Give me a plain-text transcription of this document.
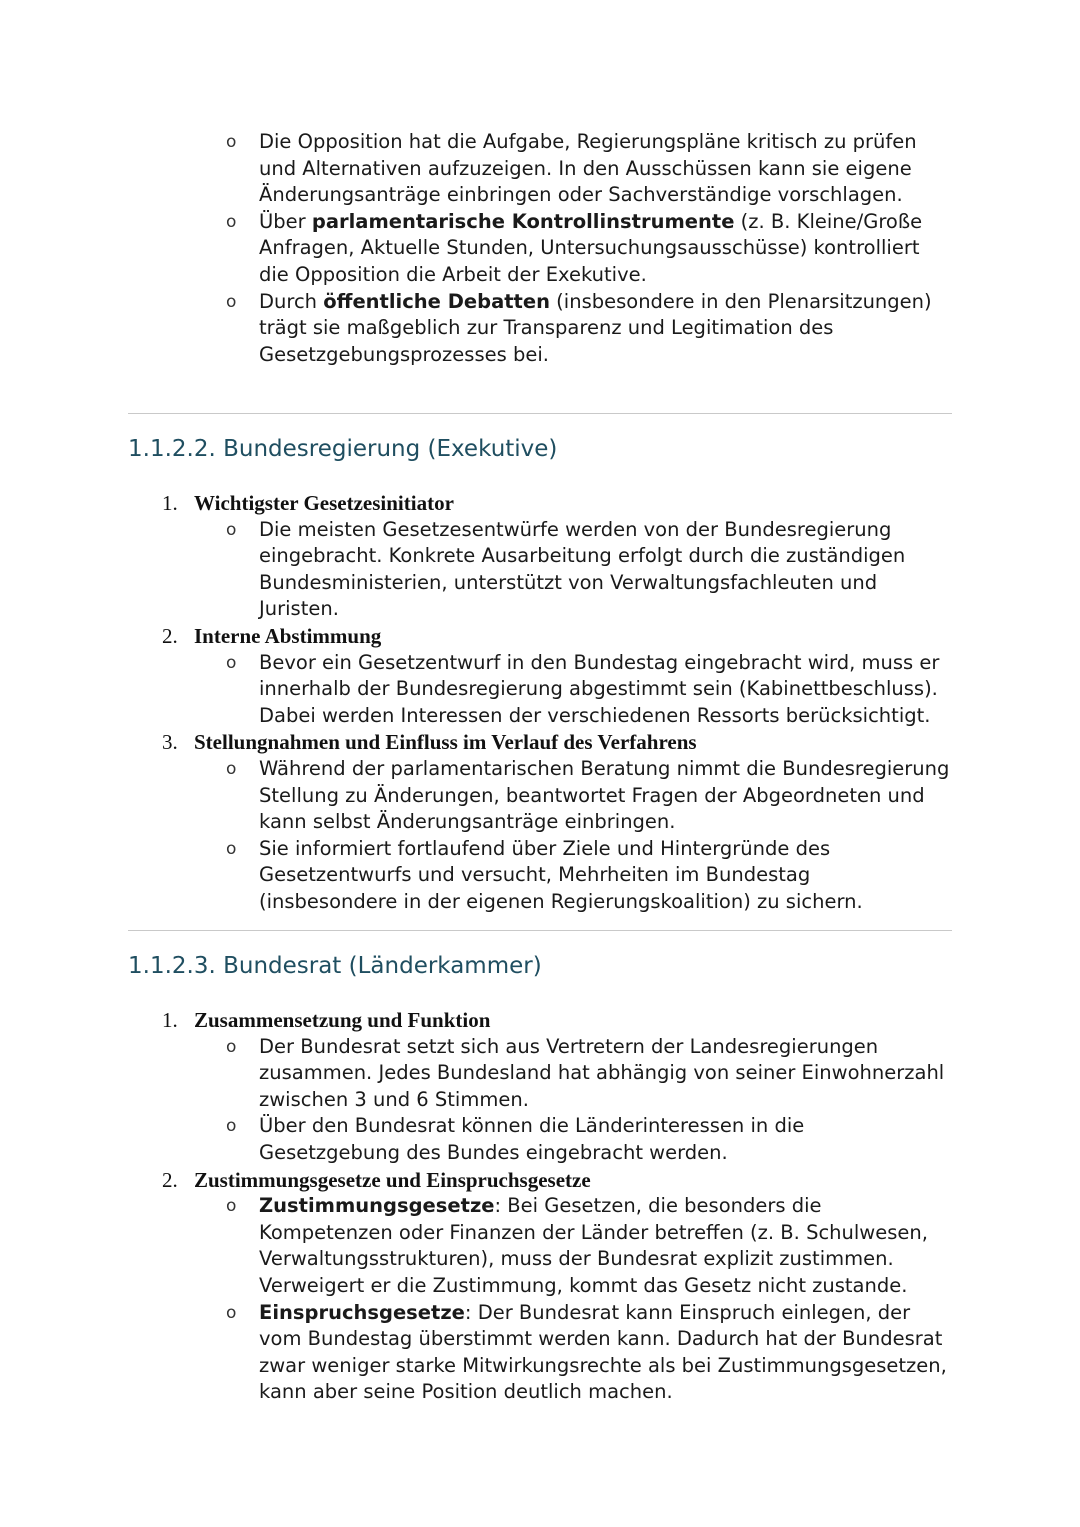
o Die Opposition hat die Aufgabe, Regierungspläne kritisch zu prüfen und Alternativen aufzuzeigen. In den Ausschüssen kann sie eigene Änderungsanträge einbringen oder Sachverständige vorschlagen.
o Über parlamentarische Kontrollinstrumente (z. B. Kleine/Große Anfragen, Aktuelle Stunden, Untersuchungsausschüsse) kontrolliert die Opposition die Arbeit der Exekutive.
o Durch öffentliche Debatten (insbesondere in den Plenarsitzungen) trägt sie maßgeblich zur Transparenz und Legitimation des Gesetzgebungsprozesses bei.
1.1.2.2. Bundesregierung (Exekutive)
1. Wichtigster Gesetzesinitiator
o Die meisten Gesetzesentwürfe werden von der Bundesregierung eingebracht. Konkrete Ausarbeitung erfolgt durch die zuständigen Bundesministerien, unterstützt von Verwaltungsfachleuten und Juristen.
2. Interne Abstimmung
o Bevor ein Gesetzentwurf in den Bundestag eingebracht wird, muss er innerhalb der Bundesregierung abgestimmt sein (Kabinettbeschluss). Dabei werden Interessen der verschiedenen Ressorts berücksichtigt.
3. Stellungnahmen und Einfluss im Verlauf des Verfahrens
o Während der parlamentarischen Beratung nimmt die Bundesregierung Stellung zu Änderungen, beantwortet Fragen der Abgeordneten und kann selbst Änderungsanträge einbringen.
o Sie informiert fortlaufend über Ziele und Hintergründe des Gesetzentwurfs und versucht, Mehrheiten im Bundestag (insbesondere in der eigenen Regierungskoalition) zu sichern.
1.1.2.3. Bundesrat (Länderkammer)
1. Zusammensetzung und Funktion
o Der Bundesrat setzt sich aus Vertretern der Landesregierungen zusammen. Jedes Bundesland hat abhängig von seiner Einwohnerzahl zwischen 3 und 6 Stimmen.
o Über den Bundesrat können die Länderinteressen in die Gesetzgebung des Bundes eingebracht werden.
2. Zustimmungsgesetze und Einspruchsgesetze
o Zustimmungsgesetze: Bei Gesetzen, die besonders die Kompetenzen oder Finanzen der Länder betreffen (z. B. Schulwesen, Verwaltungsstrukturen), muss der Bundesrat explizit zustimmen. Verweigert er die Zustimmung, kommt das Gesetz nicht zustande.
o Einspruchsgesetze: Der Bundesrat kann Einspruch einlegen, der vom Bundestag überstimmt werden kann. Dadurch hat der Bundesrat zwar weniger starke Mitwirkungsrechte als bei Zustimmungsgesetzen, kann aber seine Position deutlich machen.
